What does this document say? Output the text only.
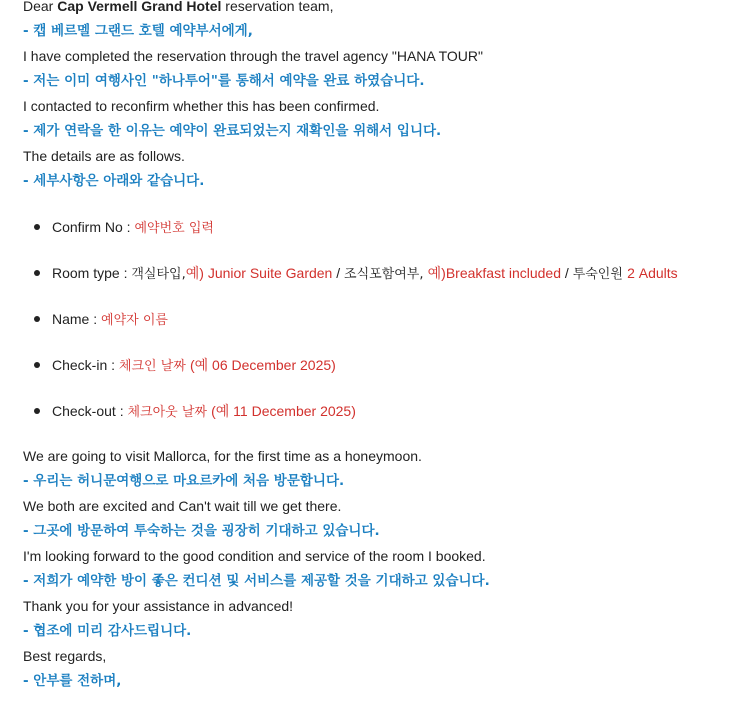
Dear Cap Vermell Grand Hotel reservation team,
- 캡 베르멜 그랜드 호텔 예약부서에게,
I have completed the reservation through the travel agency "HANA TOUR"
- 저는 이미 여행사인 "하나투어"를 통해서 예약을 완료 하였습니다.
I contacted to reconfirm whether this has been confirmed.
- 제가 연락을 한 이유는 예약이 완료되었는지 재확인을 위해서 입니다.
The details are as follows.
- 세부사항은 아래와 같습니다.
Confirm No : 예약번호 입력
Room type : 객실타입,예) Junior Suite Garden / 조식포함여부, 예)Breakfast included / 투숙인원 2 Adults
Name : 예약자 이름
Check-in : 체크인 날짜 (예 06 December 2025)
Check-out : 체크아웃 날짜 (예 11 December 2025)
We are going to visit Mallorca, for the first time as a honeymoon.
- 우리는 허니문여행으로 마요르카에 처음 방문합니다.
We both are excited and Can't wait till we get there.
- 그곳에 방문하여 투숙하는 것을 굉장히 기대하고 있습니다.
I'm looking forward to the good condition and service of the room I booked.
- 저희가 예약한 방이 좋은 컨디션 및 서비스를 제공할 것을 기대하고 있습니다.
Thank you for your assistance in advanced!
- 협조에 미리 감사드립니다.
Best regards,
- 안부를 전하며,
